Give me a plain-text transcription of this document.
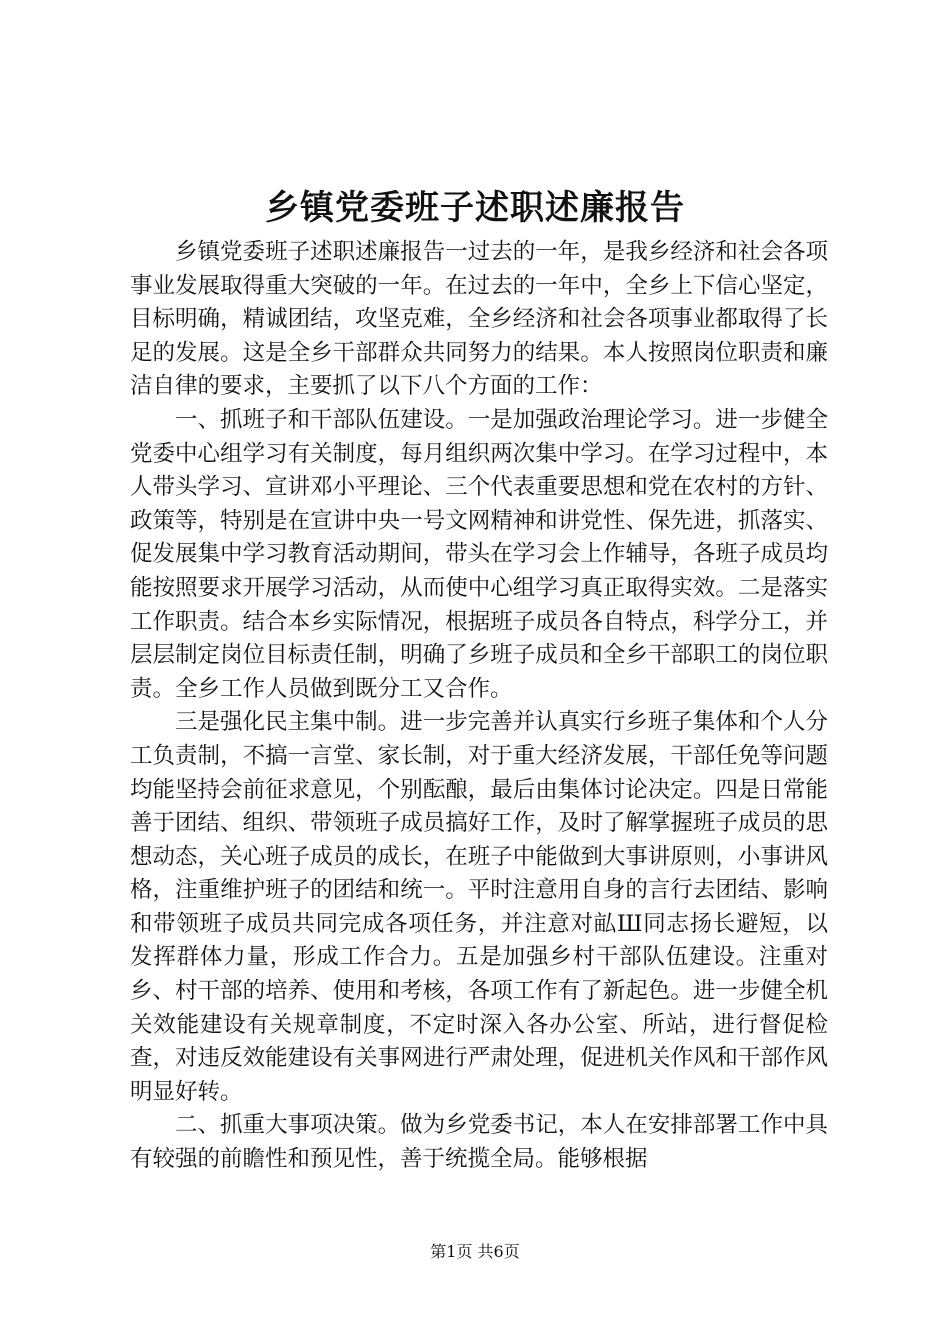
乡镇党委班子述职述廉报告

乡镇党委班子述职述廉报告一过去的一年，是我乡经济和社会各项事业发展取得重大突破的一年。在过去的一年中，全乡上下信心坚定，目标明确，精诚团结，攻坚克难，全乡经济和社会各项事业都取得了长足的发展。这是全乡干部群众共同努力的结果。本人按照岗位职责和廉洁自律的要求，主要抓了以下八个方面的工作：

一、抓班子和干部队伍建设。一是加强政治理论学习。进一步健全党委中心组学习有关制度，每月组织两次集中学习。在学习过程中，本人带头学习、宣讲邓小平理论、三个代表重要思想和党在农村的方针、政策等，特别是在宣讲中央一号文网精神和讲党性、保先进，抓落实、促发展集中学习教育活动期间，带头在学习会上作辅导，各班子成员均能按照要求开展学习活动，从而使中心组学习真正取得实效。二是落实工作职责。结合本乡实际情况，根据班子成员各自特点，科学分工，并层层制定岗位目标责任制，明确了乡班子成员和全乡干部职工的岗位职责。全乡工作人员做到既分工又合作。

三是强化民主集中制。进一步完善并认真实行乡班子集体和个人分工负责制，不搞一言堂、家长制，对于重大经济发展，干部任免等问题均能坚持会前征求意见，个别酝酿，最后由集体讨论决定。四是日常能善于团结、组织、带领班子成员搞好工作，及时了解掌握班子成员的思想动态，关心班子成员的成长，在班子中能做到大事讲原则，小事讲风格，注重维护班子的团结和统一。平时注意用自身的言行去团结、影响和带领班子成员共同完成各项任务，并注意对畆Ш同志扬长避短，以发挥群体力量，形成工作合力。五是加强乡村干部队伍建设。注重对乡、村干部的培养、使用和考核，各项工作有了新起色。进一步健全机关效能建设有关规章制度，不定时深入各办公室、所站，进行督促检查，对违反效能建设有关事网进行严肃处理，促进机关作风和干部作风明显好转。

二、抓重大事项决策。做为乡党委书记，本人在安排部署工作中具有较强的前瞻性和预见性，善于统揽全局。能够根据

第1页 共6页
